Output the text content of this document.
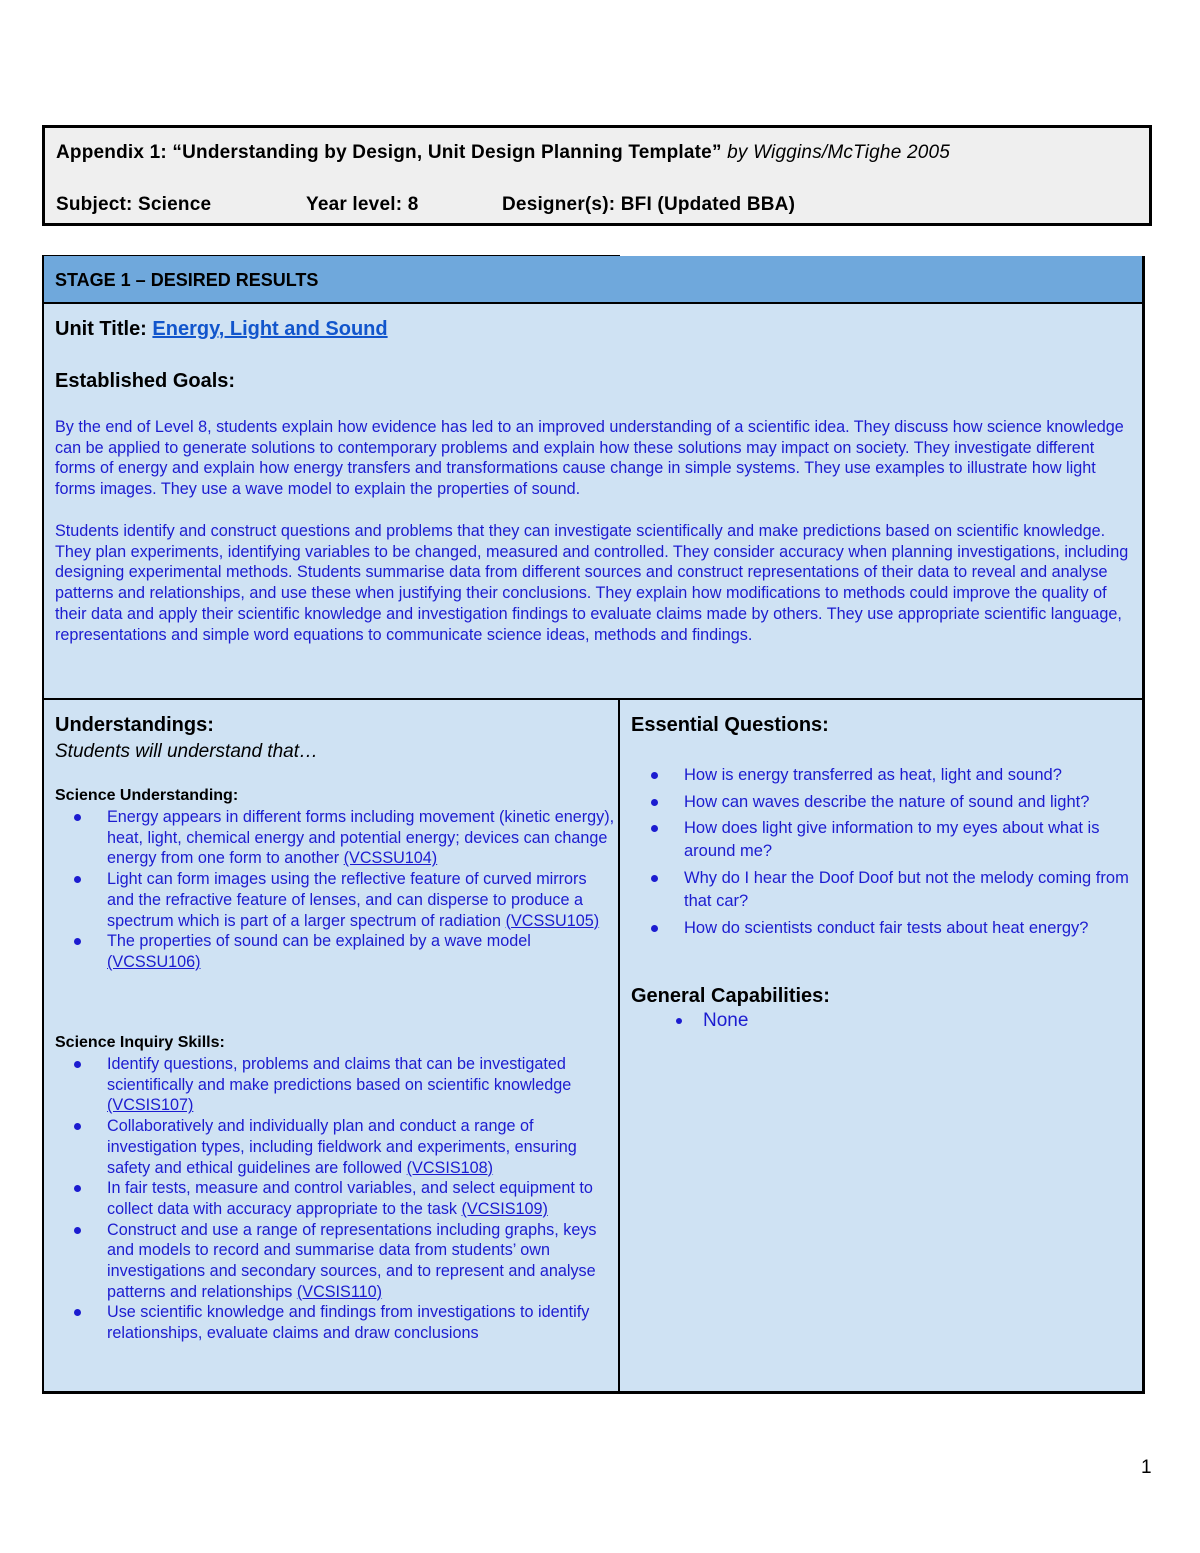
Appendix 1: “Understanding by Design, Unit Design Planning Template” by Wiggins/McTighe 2005
Subject: Science	Year level: 8	Designer(s): BFI (Updated BBA)
STAGE 1 – DESIRED RESULTS
Unit Title: Energy, Light and Sound
Established Goals:
By the end of Level 8, students explain how evidence has led to an improved understanding of a scientific idea. They discuss how science knowledge can be applied to generate solutions to contemporary problems and explain how these solutions may impact on society. They investigate different forms of energy and explain how energy transfers and transformations cause change in simple systems. They use examples to illustrate how light forms images. They use a wave model to explain the properties of sound.
Students identify and construct questions and problems that they can investigate scientifically and make predictions based on scientific knowledge. They plan experiments, identifying variables to be changed, measured and controlled. They consider accuracy when planning investigations, including designing experimental methods. Students summarise data from different sources and construct representations of their data to reveal and analyse patterns and relationships, and use these when justifying their conclusions. They explain how modifications to methods could improve the quality of their data and apply their scientific knowledge and investigation findings to evaluate claims made by others. They use appropriate scientific language, representations and simple word equations to communicate science ideas, methods and findings.
Understandings:
Students will understand that…
Science Understanding:
Energy appears in different forms including movement (kinetic energy), heat, light, chemical energy and potential energy; devices can change energy from one form to another (VCSSU104)
Light can form images using the reflective feature of curved mirrors and the refractive feature of lenses, and can disperse to produce a spectrum which is part of a larger spectrum of radiation (VCSSU105)
The properties of sound can be explained by a wave model (VCSSU106)
Science Inquiry Skills:
Identify questions, problems and claims that can be investigated scientifically and make predictions based on scientific knowledge (VCSIS107)
Collaboratively and individually plan and conduct a range of investigation types, including fieldwork and experiments, ensuring safety and ethical guidelines are followed (VCSIS108)
In fair tests, measure and control variables, and select equipment to collect data with accuracy appropriate to the task (VCSIS109)
Construct and use a range of representations including graphs, keys and models to record and summarise data from students’ own investigations and secondary sources, and to represent and analyse patterns and relationships (VCSIS110)
Use scientific knowledge and findings from investigations to identify relationships, evaluate claims and draw conclusions
Essential Questions:
How is energy transferred as heat, light and sound?
How can waves describe the nature of sound and light?
How does light give information to my eyes about what is around me?
Why do I hear the Doof Doof but not the melody coming from that car?
How do scientists conduct fair tests about heat energy?
General Capabilities:
None
1
